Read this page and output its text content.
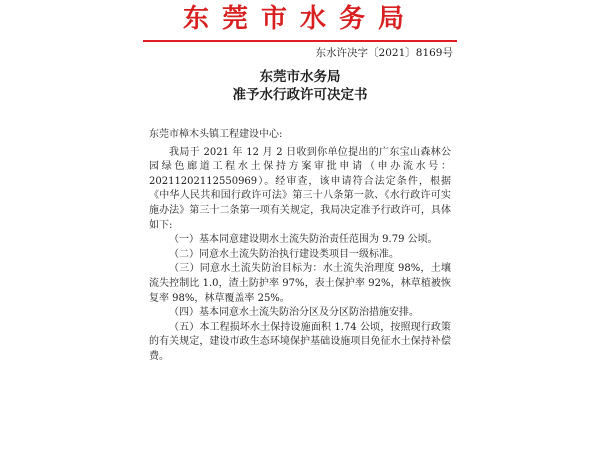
东莞市水务局
东水许决字〔2021〕8169号
东莞市水务局
准予水行政许可决定书

东莞市樟木头镇工程建设中心:

我局于 2021 年 12 月 2 日收到你单位提出的广东宝山森林公园绿色廊道工程水土保持方案审批申请（申办流水号：20211202112550969）。经审查，该申请符合法定条件，根据《中华人民共和国行政许可法》第三十八条第一款、《水行政许可实施办法》第三十二条第一项有关规定，我局决定准予行政许可，具体如下:

（一）基本同意建设期水土流失防治责任范围为 9.79 公顷。

（二）同意水土流失防治执行建设类项目一级标准。

（三）同意水土流失防治目标为：水土流失治理度 98%，土壤流失控制比 1.0，渣土防护率 97%，表土保护率 92%，林草植被恢复率 98%，林草覆盖率 25%。

（四）基本同意水土流失防治分区及分区防治措施安排。

（五）本工程损坏水土保持设施面积 1.74 公顷，按照现行政策的有关规定，建设市政生态环境保护基础设施项目免征水土保持补偿费。
